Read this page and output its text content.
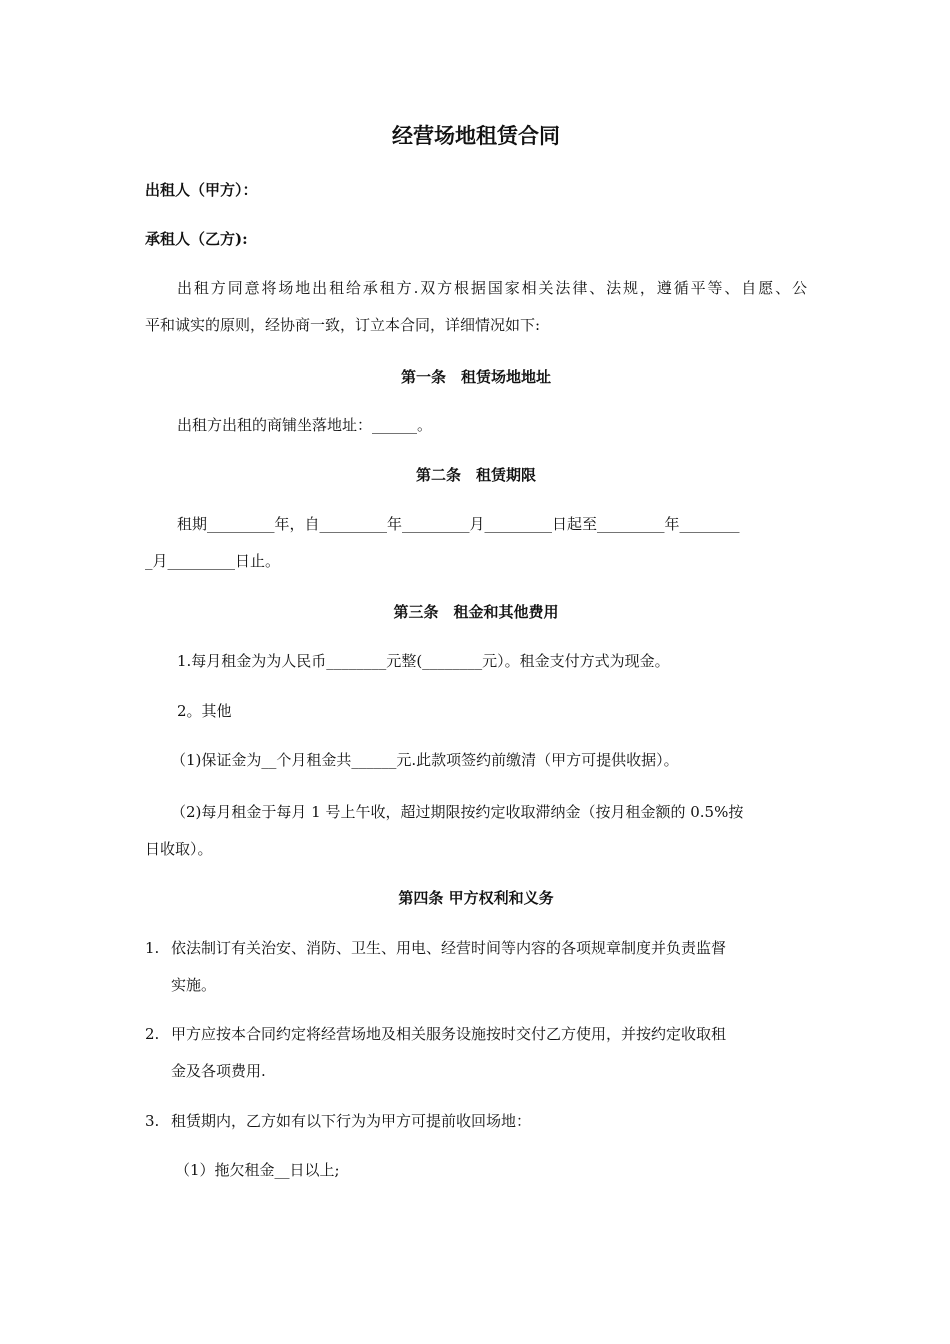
经营场地租赁合同
出租人（甲方）：
承租人（乙方):
出租方同意将场地出租给承租方.双方根据国家相关法律、法规，遵循平等、自愿、公
平和诚实的原则，经协商一致，订立本合同，详细情况如下:
第一条　租赁场地地址
出租方出租的商铺坐落地址：______。
第二条　租赁期限
租期_________年，自_________年_________月_________日起至_________年________
_月_________日止。
第三条　租金和其他费用
1.每月租金为为人民币________元整(________元）。租金支付方式为现金。
2。其他
（1)保证金为__个月租金共______元.此款项签约前缴清（甲方可提供收据）。
（2)每月租金于每月 1 号上午收，超过期限按约定收取滞纳金（按月租金额的 0.5%按
日收取）。
第四条 甲方权利和义务
1. 依法制订有关治安、消防、卫生、用电、经营时间等内容的各项规章制度并负责监督
实施。
2. 甲方应按本合同约定将经营场地及相关服务设施按时交付乙方使用，并按约定收取租
金及各项费用.
3. 租赁期内，乙方如有以下行为为甲方可提前收回场地：
（1）拖欠租金__日以上;
